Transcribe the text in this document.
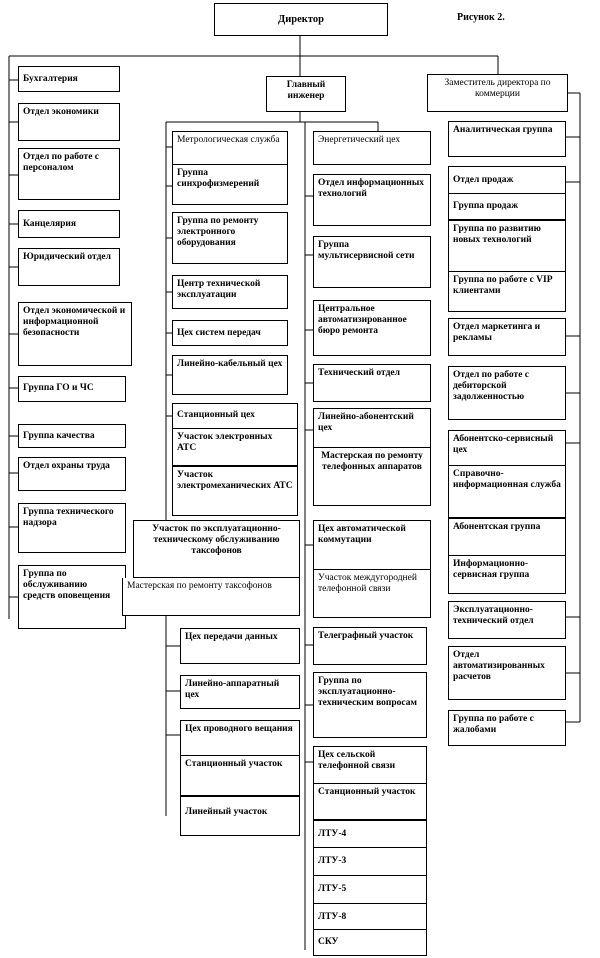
Директор	Рисунок 2.
Бухгалтерия
Отдел экономики
Отдел по работе с персоналом
Канцелярия
Юридический отдел
Отдел экономической и информационной безопасности
Группа ГО и ЧС
Группа качества
Отдел охраны труда
Группа технического надзора
Группа по обслуживанию средств оповещения
Главный инженер
Заместитель директора по коммерции
Метрологическая служба
Группа синхрофизмерений
Группа по ремонту электронного оборудования
Центр технической эксплуатации
Цех систем передач
Линейно-кабельный цех
Станционный цех
Участок электронных АТС
Участок электромеханических АТС
Участок по эксплуатационно-техническому обслуживанию таксофонов
Мастерская по ремонту таксофонов
Цех передачи данных
Линейно-аппаратный цех
Цех проводного вещания
Станционный участок
Линейный участок
Энергетический цех
Отдел информационных технологий
Группа мультисервисной сети
Центральное автоматизированное бюро ремонта
Технический отдел
Линейно-абонентский цех
Мастерская по ремонту телефонных аппаратов
Цех автоматической коммутации
Участок междугородней телефонной связи
Телеграфный участок
Группа по эксплуатационно-техническим вопросам
Цех сельской телефонной связи
Станционный участок
ЛТУ-4
ЛТУ-3
ЛТУ-5
ЛТУ-8
СКУ
Аналитическая группа
Отдел продаж
Группа продаж
Группа по развитию новых технологий
Группа по работе с VIP клиентами
Отдел маркетинга и рекламы
Отдел по работе с дебиторской задолженностью
Абонентско-сервисный цех
Справочно-информационная служба
Абонентская группа
Информационно-сервисная группа
Эксплуатационно-технический отдел
Отдел автоматизированных расчетов
Группа по работе с жалобами
